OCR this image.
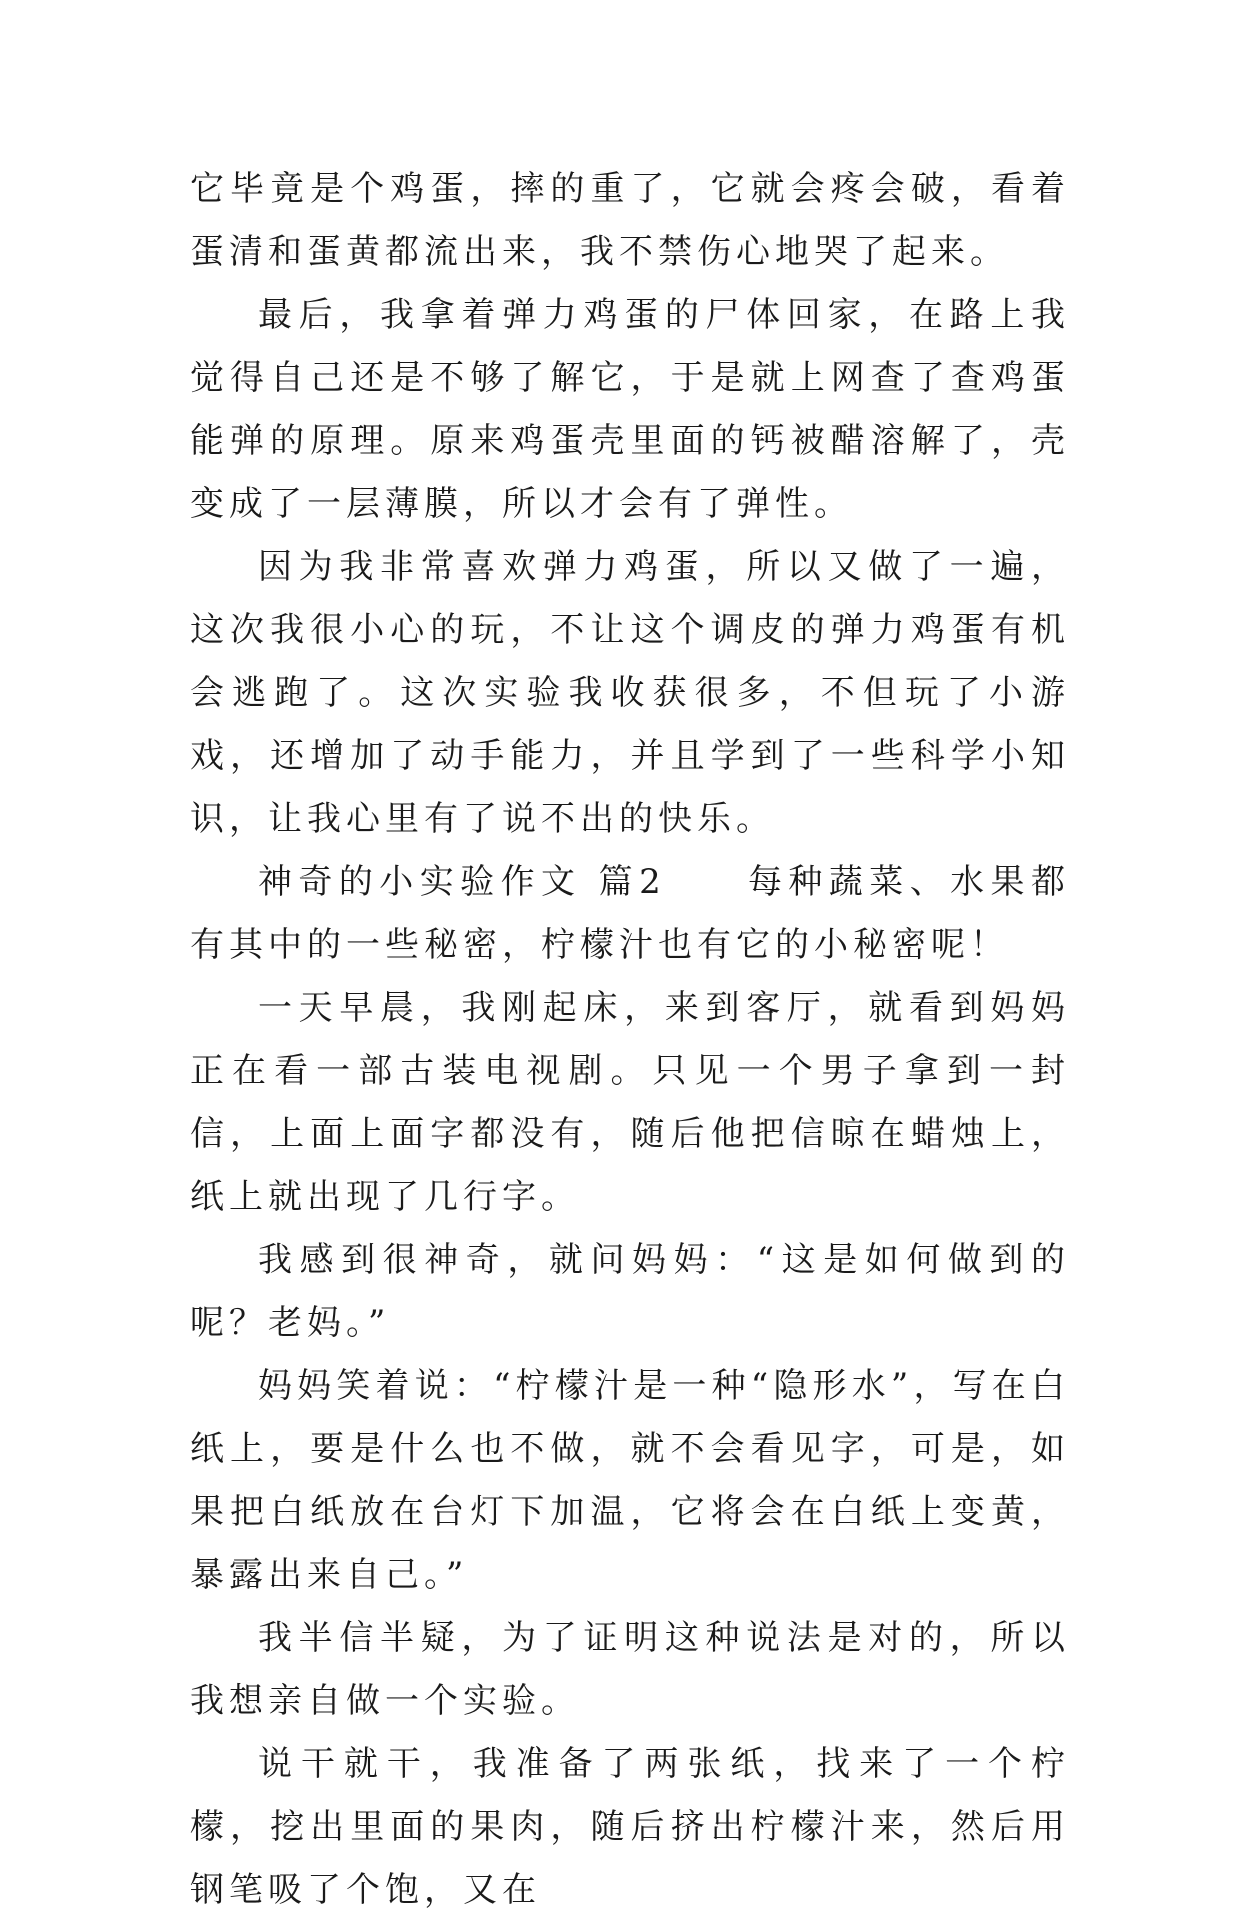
它毕竟是个鸡蛋，摔的重了，它就会疼会破，看着蛋清和蛋黄都流出来，我不禁伤心地哭了起来。

最后，我拿着弹力鸡蛋的尸体回家，在路上我觉得自己还是不够了解它，于是就上网查了查鸡蛋能弹的原理。原来鸡蛋壳里面的钙被醋溶解了，壳变成了一层薄膜，所以才会有了弹性。

因为我非常喜欢弹力鸡蛋，所以又做了一遍，这次我很小心的玩，不让这个调皮的弹力鸡蛋有机会逃跑了。这次实验我收获很多，不但玩了小游戏，还增加了动手能力，并且学到了一些科学小知识，让我心里有了说不出的快乐。

神奇的小实验作文 篇2　　每种蔬菜、水果都有其中的一些秘密，柠檬汁也有它的小秘密呢！

一天早晨，我刚起床，来到客厅，就看到妈妈正在看一部古装电视剧。只见一个男子拿到一封信，上面上面字都没有，随后他把信晾在蜡烛上，纸上就出现了几行字。

我感到很神奇，就问妈妈：“这是如何做到的呢？老妈。”

妈妈笑着说：“柠檬汁是一种“隐形水”，写在白纸上，要是什么也不做，就不会看见字，可是，如果把白纸放在台灯下加温，它将会在白纸上变黄，暴露出来自己。”

我半信半疑，为了证明这种说法是对的，所以我想亲自做一个实验。

说干就干，我准备了两张纸，找来了一个柠檬，挖出里面的果肉，随后挤出柠檬汁来，然后用钢笔吸了个饱，又在
